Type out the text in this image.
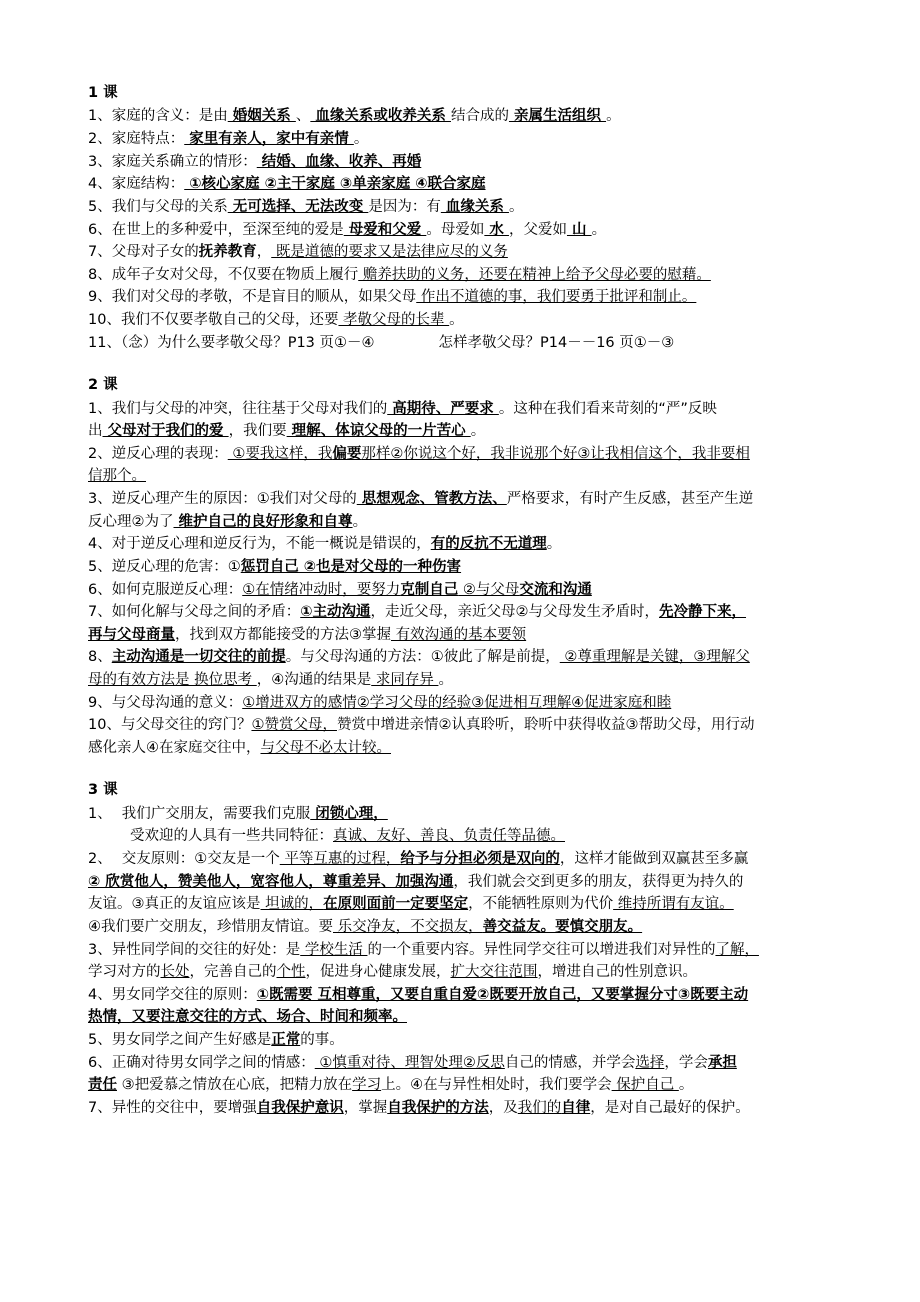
1 课

1、家庭的含义：是由 婚姻关系 、 血缘关系或收养关系 结合成的 亲属生活组织 。

2、家庭特点： 家里有亲人，家中有亲情 。

3、家庭关系确立的情形： 结婚、血缘、收养、再婚

4、家庭结构： ①核心家庭 ②主干家庭 ③单亲家庭 ④联合家庭

5、我们与父母的关系 无可选择、无法改变 是因为：有 血缘关系 。

6、在世上的多种爱中，至深至纯的爱是 母爱和父爱 。母爱如 水 ，父爱如 山 。

7、父母对子女的抚养教育， 既是道德的要求又是法律应尽的义务

8、成年子女对父母，不仅要在物质上履行 赡养扶助的义务，还要在精神上给予父母必要的慰藉。

9、我们对父母的孝敬，不是盲目的顺从，如果父母 作出不道德的事，我们要勇于批评和制止。

10、我们不仅要孝敬自己的父母，还要 孝敬父母的长辈 。

11、（念）为什么要孝敬父母？P13 页①－④	怎样孝敬父母？P14－－16 页①－③

2 课

1、我们与父母的冲突，往往基于父母对我们的 高期待、严要求 。这种在我们看来苛刻的“严”反映

出 父母对于我们的爱 ，我们要 理解、体谅父母的一片苦心 。

2、逆反心理的表现： ①要我这样，我偏要那样②你说这个好，我非说那个好③让我相信这个，我非要相

信那个。

3、逆反心理产生的原因：①我们对父母的 思想观念、管教方法、严格要求，有时产生反感，甚至产生逆

反心理②为了 维护自己的良好形象和自尊。

4、对于逆反心理和逆反行为，不能一概说是错误的，有的反抗不无道理。

5、逆反心理的危害：①惩罚自己 ②也是对父母的一种伤害

6、如何克服逆反心理：①在情绪冲动时，要努力克制自己 ②与父母交流和沟通

7、如何化解与父母之间的矛盾：①主动沟通，走近父母，亲近父母②与父母发生矛盾时，先冷静下来，

再与父母商量，找到双方都能接受的方法③掌握 有效沟通的基本要领

8、主动沟通是一切交往的前提。与父母沟通的方法：①彼此了解是前提， ②尊重理解是关键，③理解父

母的有效方法是 换位思考 ，④沟通的结果是 求同存异 。

9、与父母沟通的意义：①增进双方的感情②学习父母的经验③促进相互理解④促进家庭和睦

10、与父母交往的窍门？①赞赏父母，赞赏中增进亲情②认真聆听，聆听中获得收益③帮助父母，用行动

感化亲人④在家庭交往中，与父母不必太计较。

3 课

1、 我们广交朋友，需要我们克服 闭锁心理，

受欢迎的人具有一些共同特征：真诚、友好、善良、负责任等品德。

2、 交友原则：①交友是一个 平等互惠的过程，给予与分担必须是双向的，这样才能做到双赢甚至多赢

② 欣赏他人，赞美他人，宽容他人，尊重差异、加强沟通，我们就会交到更多的朋友，获得更为持久的

友谊。③真正的友谊应该是 坦诚的，在原则面前一定要坚定，不能牺牲原则为代价 维持所谓有友谊。

④我们要广交朋友，珍惜朋友情谊。要 乐交净友，不交损友，善交益友。要慎交朋友。

3、异性同学间的交往的好处：是 学校生活 的一个重要内容。异性同学交往可以增进我们对异性的了解，

学习对方的长处，完善自己的个性，促进身心健康发展，扩大交往范围，增进自己的性别意识。

4、男女同学交往的原则：①既需要 互相尊重，又要自重自爱②既要开放自己，又要掌握分寸③既要主动

热情，又要注意交往的方式、场合、时间和频率。

5、男女同学之间产生好感是正常的事。

6、正确对待男女同学之间的情感： ①慎重对待、理智处理②反思自己的情感，并学会选择，学会承担

责任 ③把爱慕之情放在心底，把精力放在学习上。④在与异性相处时，我们要学会 保护自己 。

7、异性的交往中，要增强自我保护意识，掌握自我保护的方法，及我们的自律，是对自己最好的保护。
